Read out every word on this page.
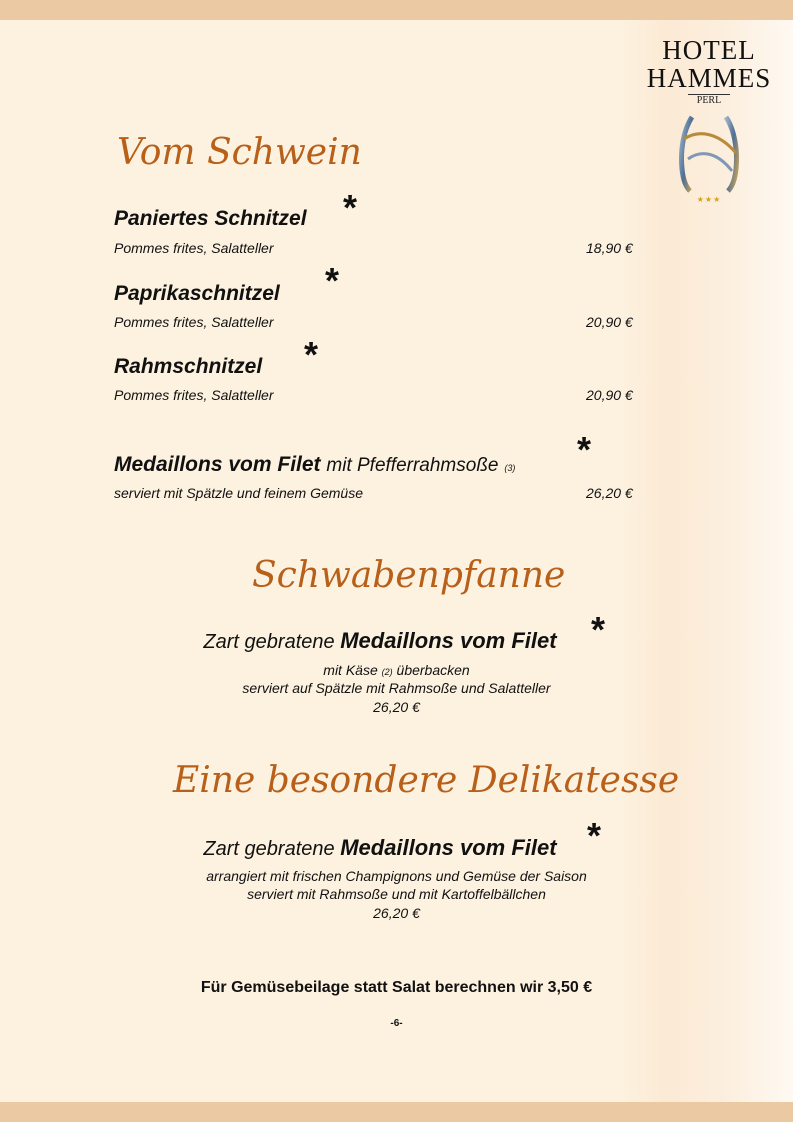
HOTEL
HAMMES
PERL
★★★
Vom Schwein
Paniertes Schnitzel *
Pommes frites, Salatteller	18,90 €
Paprikaschnitzel *
Pommes frites, Salatteller	20,90 €
Rahmschnitzel *
Pommes frites, Salatteller	20,90 €
Medaillons vom Filet mit Pfefferrahmsoße (3) *
serviert mit Spätzle und feinem Gemüse	26,20 €
Schwabenpfanne
Zart gebratene Medaillons vom Filet *
mit Käse (2) überbacken
serviert auf Spätzle mit Rahmsoße und Salatteller
26,20 €
Eine besondere Delikatesse
Zart gebratene Medaillons vom Filet *
arrangiert mit frischen Champignons und Gemüse der Saison
serviert mit Rahmsoße und mit Kartoffelbällchen
26,20 €
Für Gemüsebeilage statt Salat berechnen wir 3,50 €
-6-
